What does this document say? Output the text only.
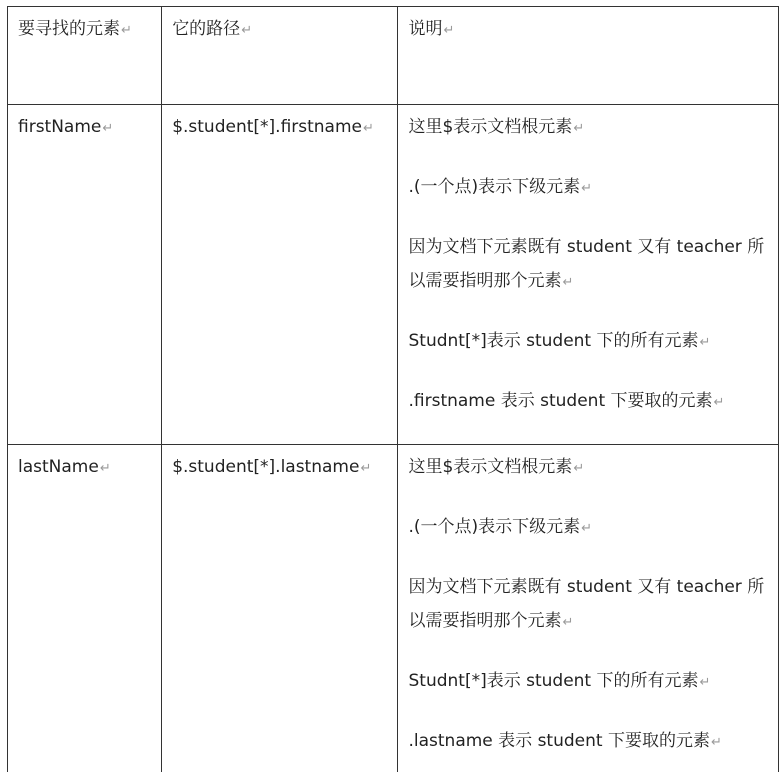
要寻找的元素↵	它的路径↵	说明↵

firstName↵	$.student[*].firstname↵	这里$表示文档根元素↵

.(一个点)表示下级元素↵

因为文档下元素既有 student 又有 teacher 所以需要指明那个元素↵

Studnt[*]表示 student 下的所有元素↵

.firstname 表示 student 下要取的元素↵

lastName↵	$.student[*].lastname↵	这里$表示文档根元素↵

.(一个点)表示下级元素↵

因为文档下元素既有 student 又有 teacher 所以需要指明那个元素↵

Studnt[*]表示 student 下的所有元素↵

.lastname 表示 student 下要取的元素↵
